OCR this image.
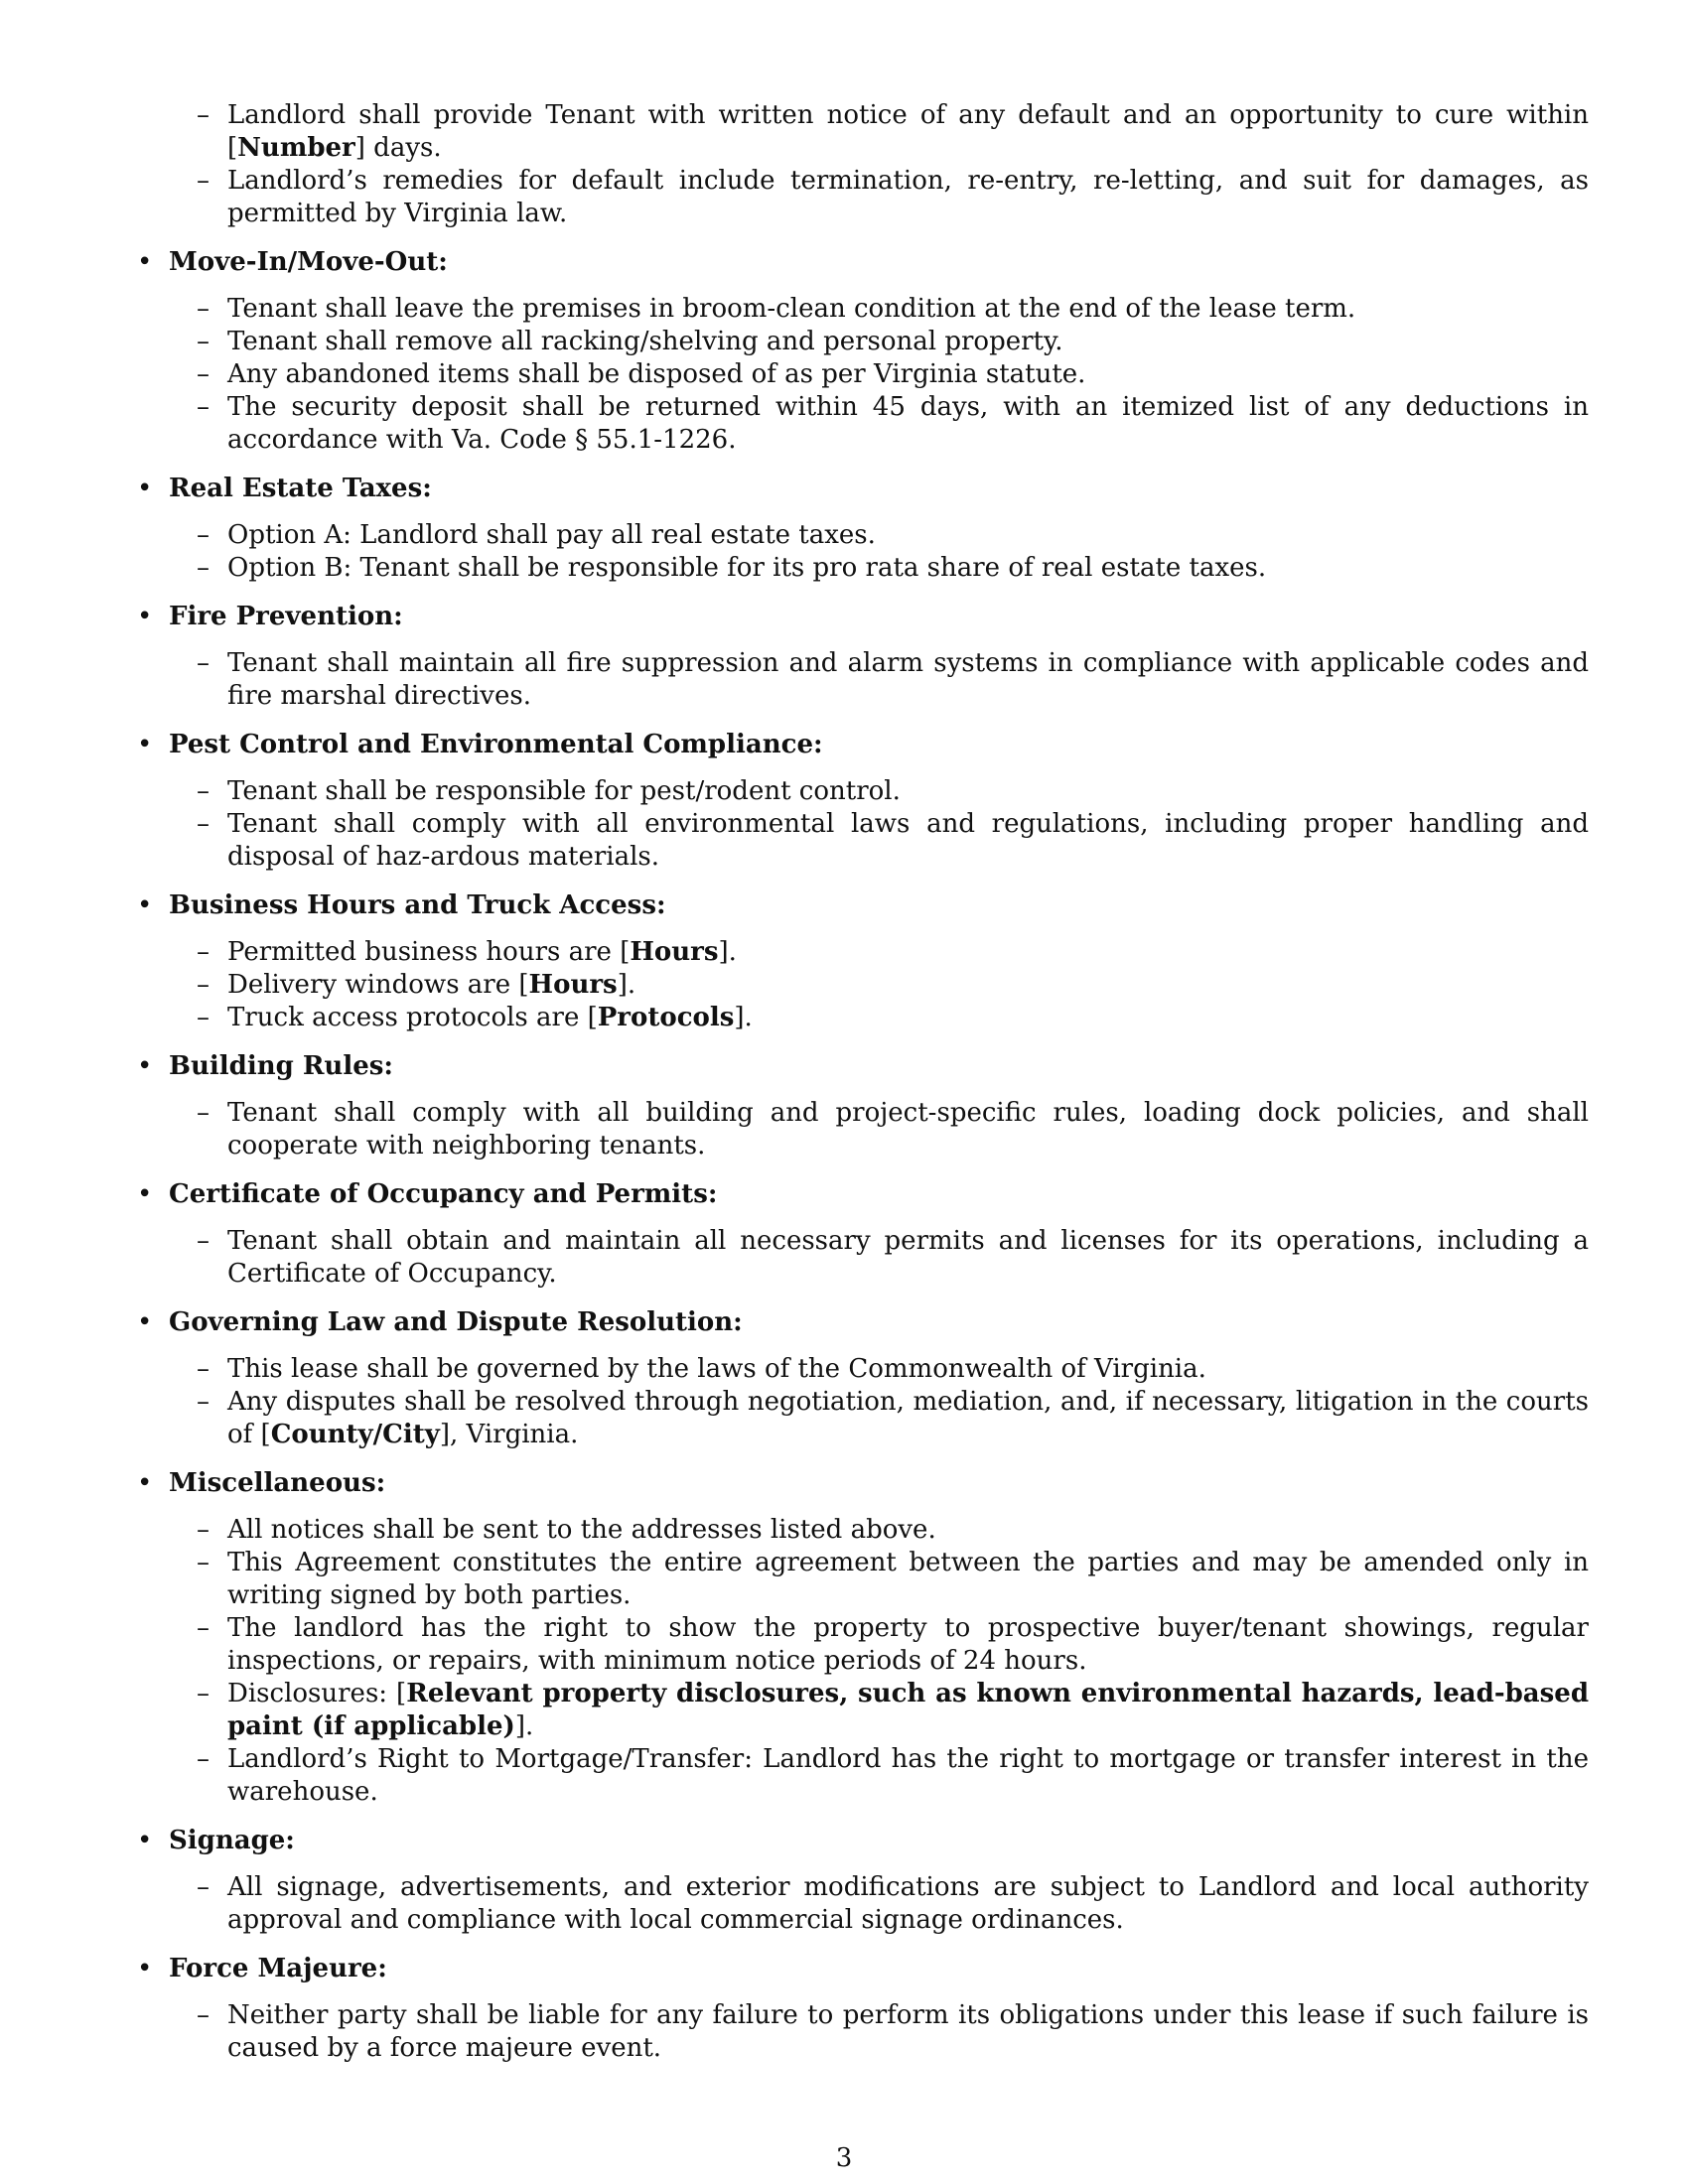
– Landlord shall provide Tenant with written notice of any default and an opportunity to cure within [Number] days.
– Landlord’s remedies for default include termination, re-entry, re-letting, and suit for damages, as permitted by Virginia law.
• Move-In/Move-Out:
– Tenant shall leave the premises in broom-clean condition at the end of the lease term.
– Tenant shall remove all racking/shelving and personal property.
– Any abandoned items shall be disposed of as per Virginia statute.
– The security deposit shall be returned within 45 days, with an itemized list of any deductions in accordance with Va. Code § 55.1-1226.
• Real Estate Taxes:
– Option A: Landlord shall pay all real estate taxes.
– Option B: Tenant shall be responsible for its pro rata share of real estate taxes.
• Fire Prevention:
– Tenant shall maintain all fire suppression and alarm systems in compliance with applicable codes and fire marshal directives.
• Pest Control and Environmental Compliance:
– Tenant shall be responsible for pest/rodent control.
– Tenant shall comply with all environmental laws and regulations, including proper handling and disposal of haz-ardous materials.
• Business Hours and Truck Access:
– Permitted business hours are [Hours].
– Delivery windows are [Hours].
– Truck access protocols are [Protocols].
• Building Rules:
– Tenant shall comply with all building and project-specific rules, loading dock policies, and shall cooperate with neighboring tenants.
• Certificate of Occupancy and Permits:
– Tenant shall obtain and maintain all necessary permits and licenses for its operations, including a Certificate of Occupancy.
• Governing Law and Dispute Resolution:
– This lease shall be governed by the laws of the Commonwealth of Virginia.
– Any disputes shall be resolved through negotiation, mediation, and, if necessary, litigation in the courts of [County/City], Virginia.
• Miscellaneous:
– All notices shall be sent to the addresses listed above.
– This Agreement constitutes the entire agreement between the parties and may be amended only in writing signed by both parties.
– The landlord has the right to show the property to prospective buyer/tenant showings, regular inspections, or repairs, with minimum notice periods of 24 hours.
– Disclosures: [Relevant property disclosures, such as known environmental hazards, lead-based paint (if applicable)].
– Landlord’s Right to Mortgage/Transfer: Landlord has the right to mortgage or transfer interest in the warehouse.
• Signage:
– All signage, advertisements, and exterior modifications are subject to Landlord and local authority approval and compliance with local commercial signage ordinances.
• Force Majeure:
– Neither party shall be liable for any failure to perform its obligations under this lease if such failure is caused by a force majeure event.
3
